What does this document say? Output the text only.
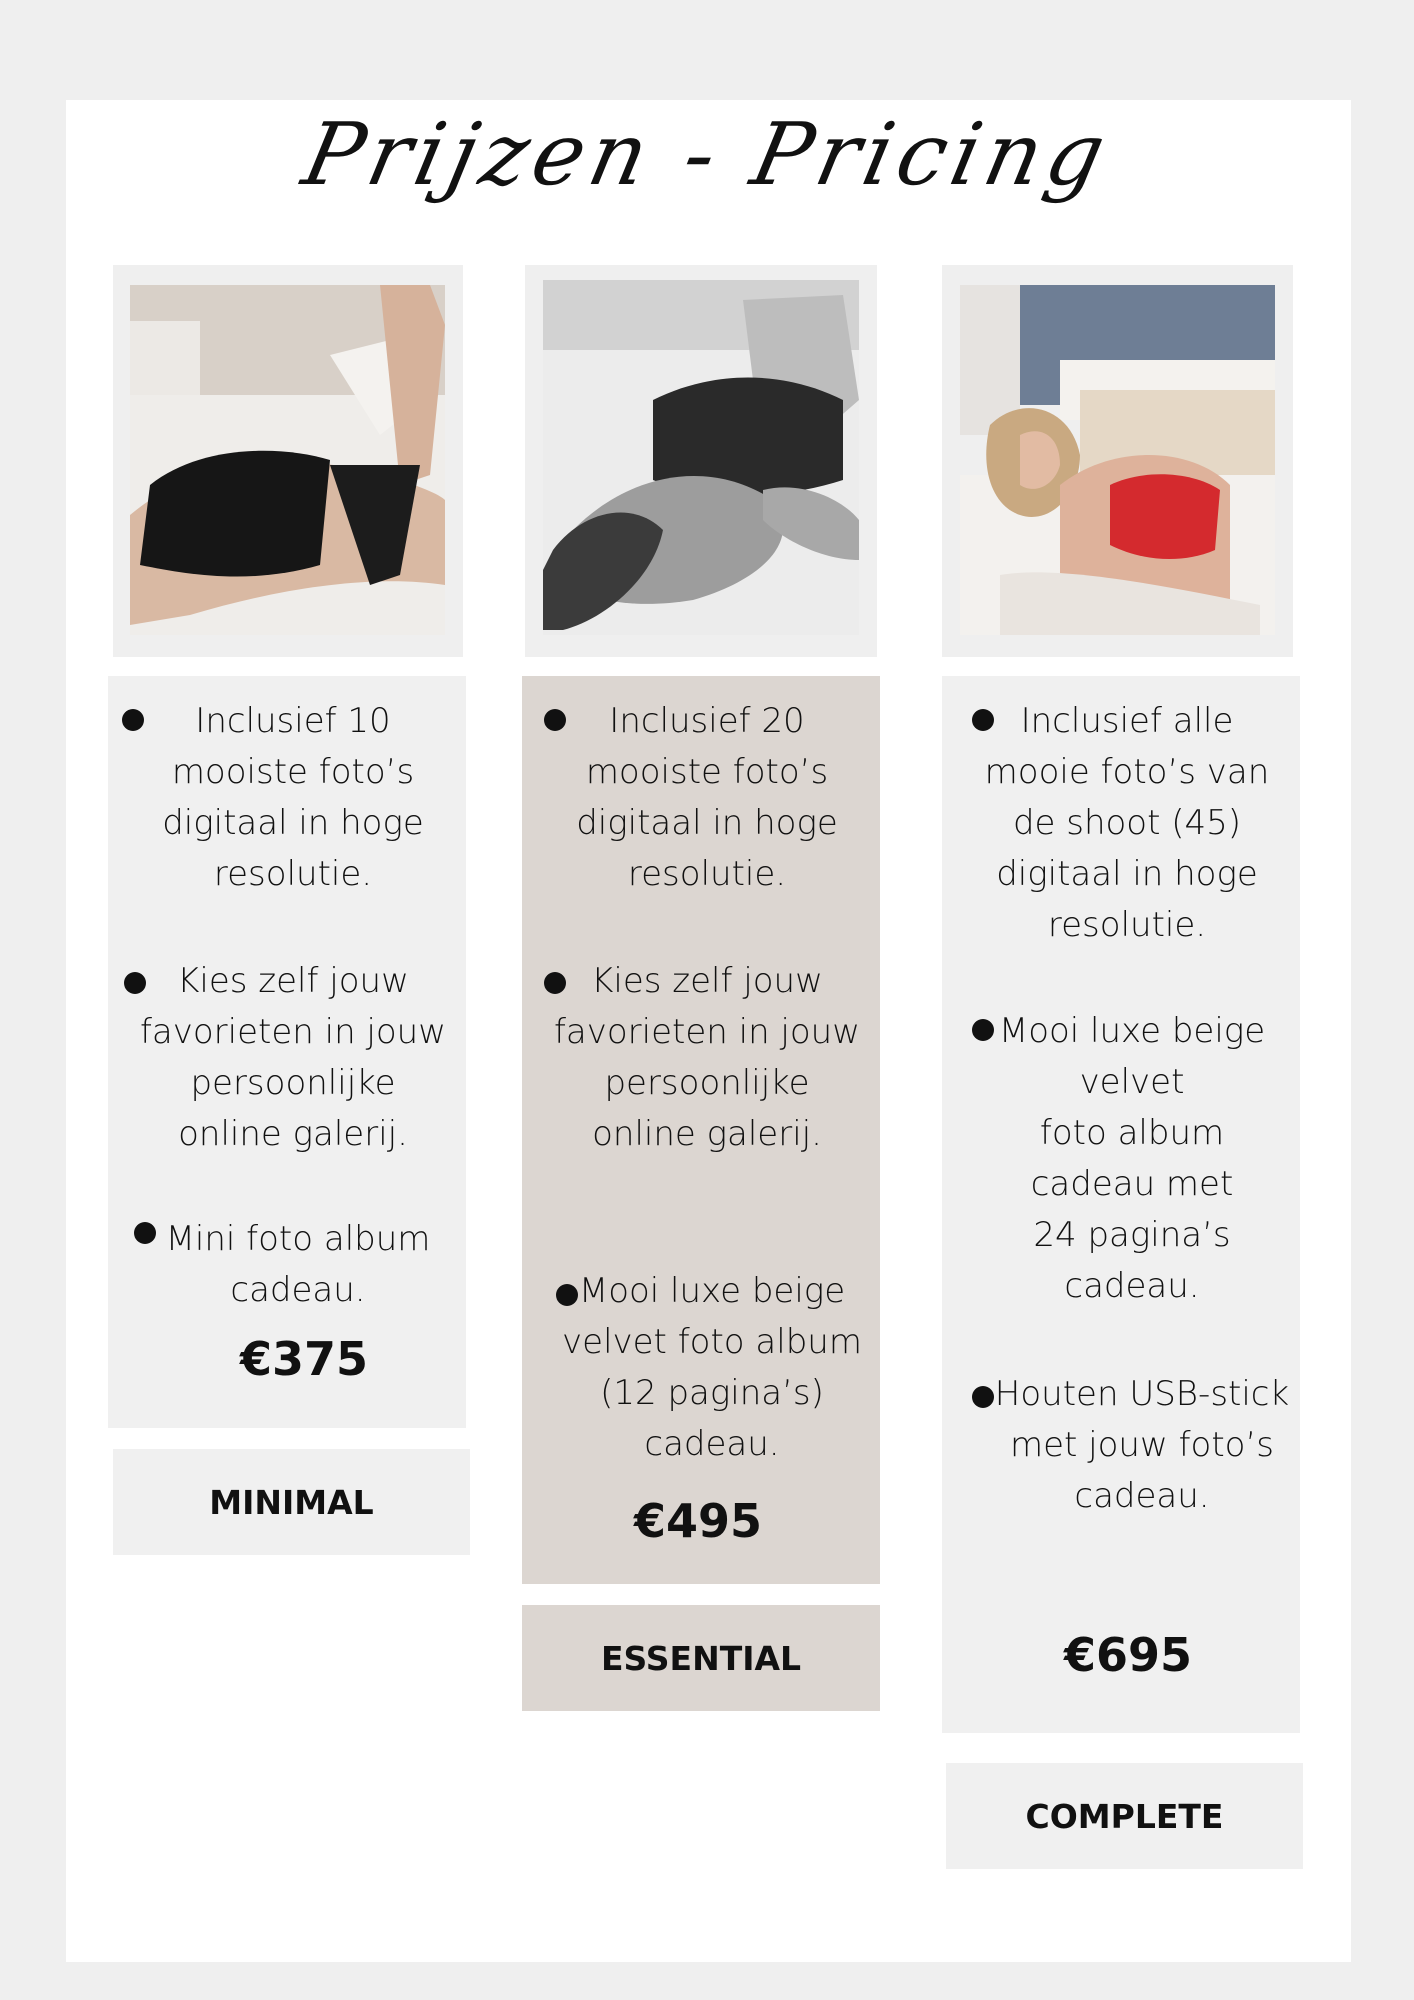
Prijzen - Pricing
Inclusief 10
mooiste foto’s
digitaal in hoge
resolutie.
Kies zelf jouw
favorieten in jouw
persoonlijke
online galerij.
Mini foto album
cadeau.
€375
MINIMAL
Inclusief 20
mooiste foto’s
digitaal in hoge
resolutie.
Kies zelf jouw
favorieten in jouw
persoonlijke
online galerij.
Mooi luxe beige
velvet foto album
(12 pagina’s)
cadeau.
€495
ESSENTIAL
Inclusief alle
mooie foto’s van
de shoot (45)
digitaal in hoge
resolutie.
Mooi luxe beige
velvet
foto album
cadeau met
24 pagina’s
cadeau.
Houten USB-stick
met jouw foto’s
cadeau.
€695
COMPLETE
